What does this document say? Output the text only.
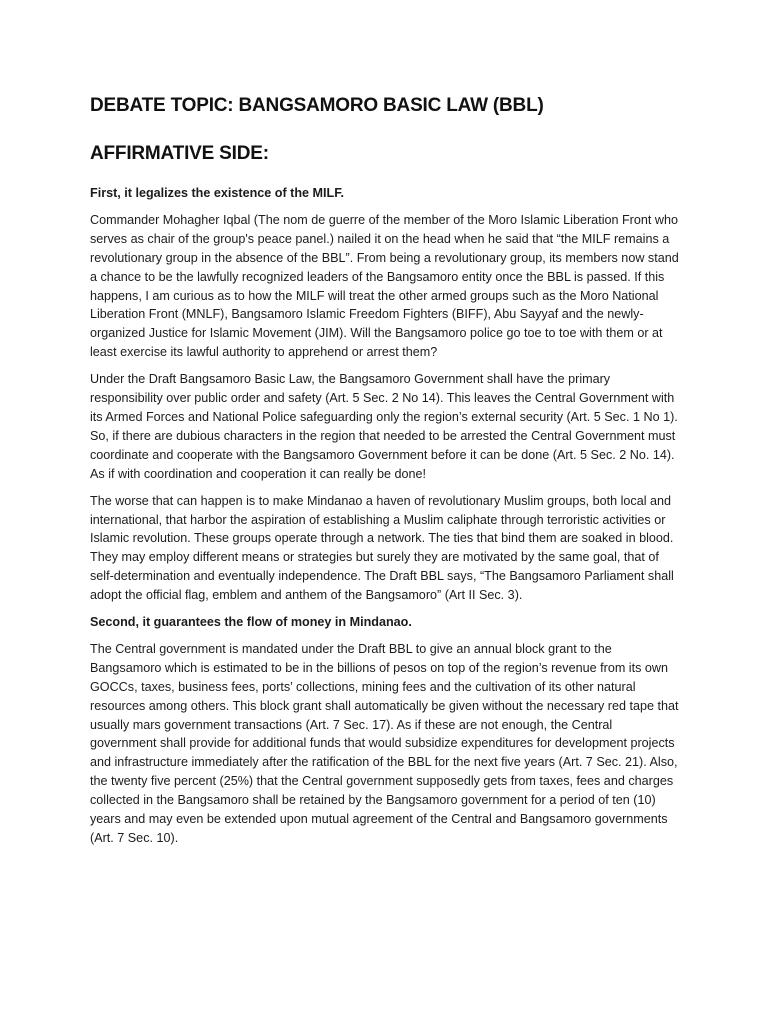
DEBATE TOPIC: BANGSAMORO BASIC LAW (BBL)
AFFIRMATIVE SIDE:

First, it legalizes the existence of the MILF.

Commander Mohagher Iqbal (The nom de guerre of the member of the Moro Islamic Liberation Front who serves as chair of the group's peace panel.) nailed it on the head when he said that “the MILF remains a revolutionary group in the absence of the BBL”. From being a revolutionary group, its members now stand a chance to be the lawfully recognized leaders of the Bangsamoro entity once the BBL is passed. If this happens, I am curious as to how the MILF will treat the other armed groups such as the Moro National Liberation Front (MNLF), Bangsamoro Islamic Freedom Fighters (BIFF), Abu Sayyaf and the newly-organized Justice for Islamic Movement (JIM). Will the Bangsamoro police go toe to toe with them or at least exercise its lawful authority to apprehend or arrest them?

Under the Draft Bangsamoro Basic Law, the Bangsamoro Government shall have the primary responsibility over public order and safety (Art. 5 Sec. 2 No 14). This leaves the Central Government with its Armed Forces and National Police safeguarding only the region’s external security (Art. 5 Sec. 1 No 1). So, if there are dubious characters in the region that needed to be arrested the Central Government must coordinate and cooperate with the Bangsamoro Government before it can be done (Art. 5 Sec. 2 No. 14). As if with coordination and cooperation it can really be done!

The worse that can happen is to make Mindanao a haven of revolutionary Muslim groups, both local and international, that harbor the aspiration of establishing a Muslim caliphate through terroristic activities or Islamic revolution. These groups operate through a network. The ties that bind them are soaked in blood. They may employ different means or strategies but surely they are motivated by the same goal, that of self-determination and eventually independence. The Draft BBL says, “The Bangsamoro Parliament shall adopt the official flag, emblem and anthem of the Bangsamoro” (Art II Sec. 3).

Second, it guarantees the flow of money in Mindanao.

The Central government is mandated under the Draft BBL to give an annual block grant to the Bangsamoro which is estimated to be in the billions of pesos on top of the region’s revenue from its own GOCCs, taxes, business fees, ports’ collections, mining fees and the cultivation of its other natural resources among others. This block grant shall automatically be given without the necessary red tape that usually mars government transactions (Art. 7 Sec. 17). As if these are not enough, the Central government shall provide for additional funds that would subsidize expenditures for development projects and infrastructure immediately after the ratification of the BBL for the next five years (Art. 7 Sec. 21). Also, the twenty five percent (25%) that the Central government supposedly gets from taxes, fees and charges collected in the Bangsamoro shall be retained by the Bangsamoro government for a period of ten (10) years and may even be extended upon mutual agreement of the Central and Bangsamoro governments (Art. 7 Sec. 10).
